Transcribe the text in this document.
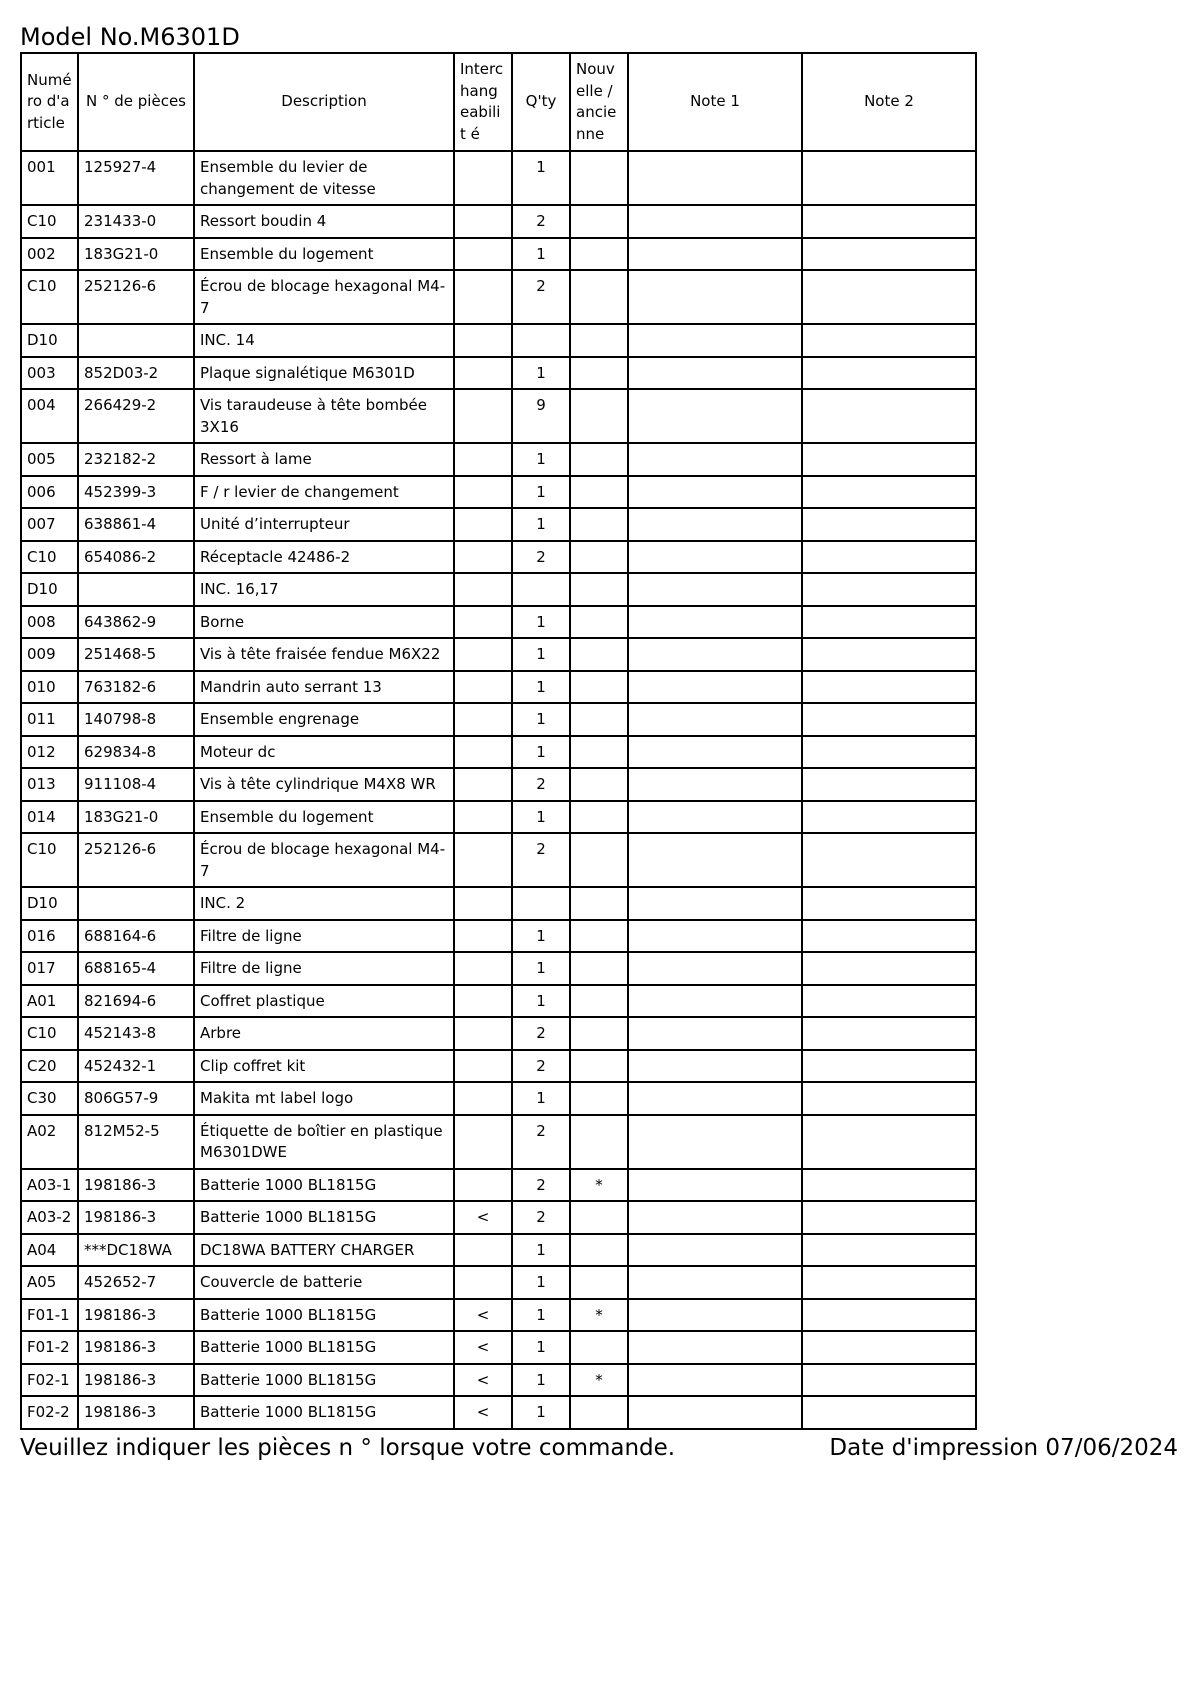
Model No.M6301D
Numé ro d'a rticle	N ° de pièces	Description	Interc hang eabilit é	Q'ty	Nouv elle / ancie nne	Note 1	Note 2
001	125927-4	Ensemble du levier de changement de vitesse		1			
C10	231433-0	Ressort boudin 4		2			
002	183G21-0	Ensemble du logement		1			
C10	252126-6	Écrou de blocage hexagonal M4-7		2			
D10		INC. 14					
003	852D03-2	Plaque signalétique M6301D		1			
004	266429-2	Vis taraudeuse à tête bombée 3X16		9			
005	232182-2	Ressort à lame		1			
006	452399-3	F / r levier de changement		1			
007	638861-4	Unité d’interrupteur		1			
C10	654086-2	Réceptacle 42486-2		2			
D10		INC. 16,17					
008	643862-9	Borne		1			
009	251468-5	Vis à tête fraisée fendue M6X22		1			
010	763182-6	Mandrin auto serrant 13		1			
011	140798-8	Ensemble engrenage		1			
012	629834-8	Moteur dc		1			
013	911108-4	Vis à tête cylindrique M4X8 WR		2			
014	183G21-0	Ensemble du logement		1			
C10	252126-6	Écrou de blocage hexagonal M4-7		2			
D10		INC. 2					
016	688164-6	Filtre de ligne		1			
017	688165-4	Filtre de ligne		1			
A01	821694-6	Coffret plastique		1			
C10	452143-8	Arbre		2			
C20	452432-1	Clip coffret kit		2			
C30	806G57-9	Makita mt label logo		1			
A02	812M52-5	Étiquette de boîtier en plastique M6301DWE		2			
A03-1	198186-3	Batterie 1000 BL1815G		2	*		
A03-2	198186-3	Batterie 1000 BL1815G	<	2			
A04	***DC18WA	DC18WA BATTERY CHARGER		1			
A05	452652-7	Couvercle de batterie		1			
F01-1	198186-3	Batterie 1000 BL1815G	<	1	*		
F01-2	198186-3	Batterie 1000 BL1815G	<	1			
F02-1	198186-3	Batterie 1000 BL1815G	<	1	*		
F02-2	198186-3	Batterie 1000 BL1815G	<	1			
Veuillez indiquer les pièces n ° lorsque votre commande.	Date d'impression 07/06/2024
